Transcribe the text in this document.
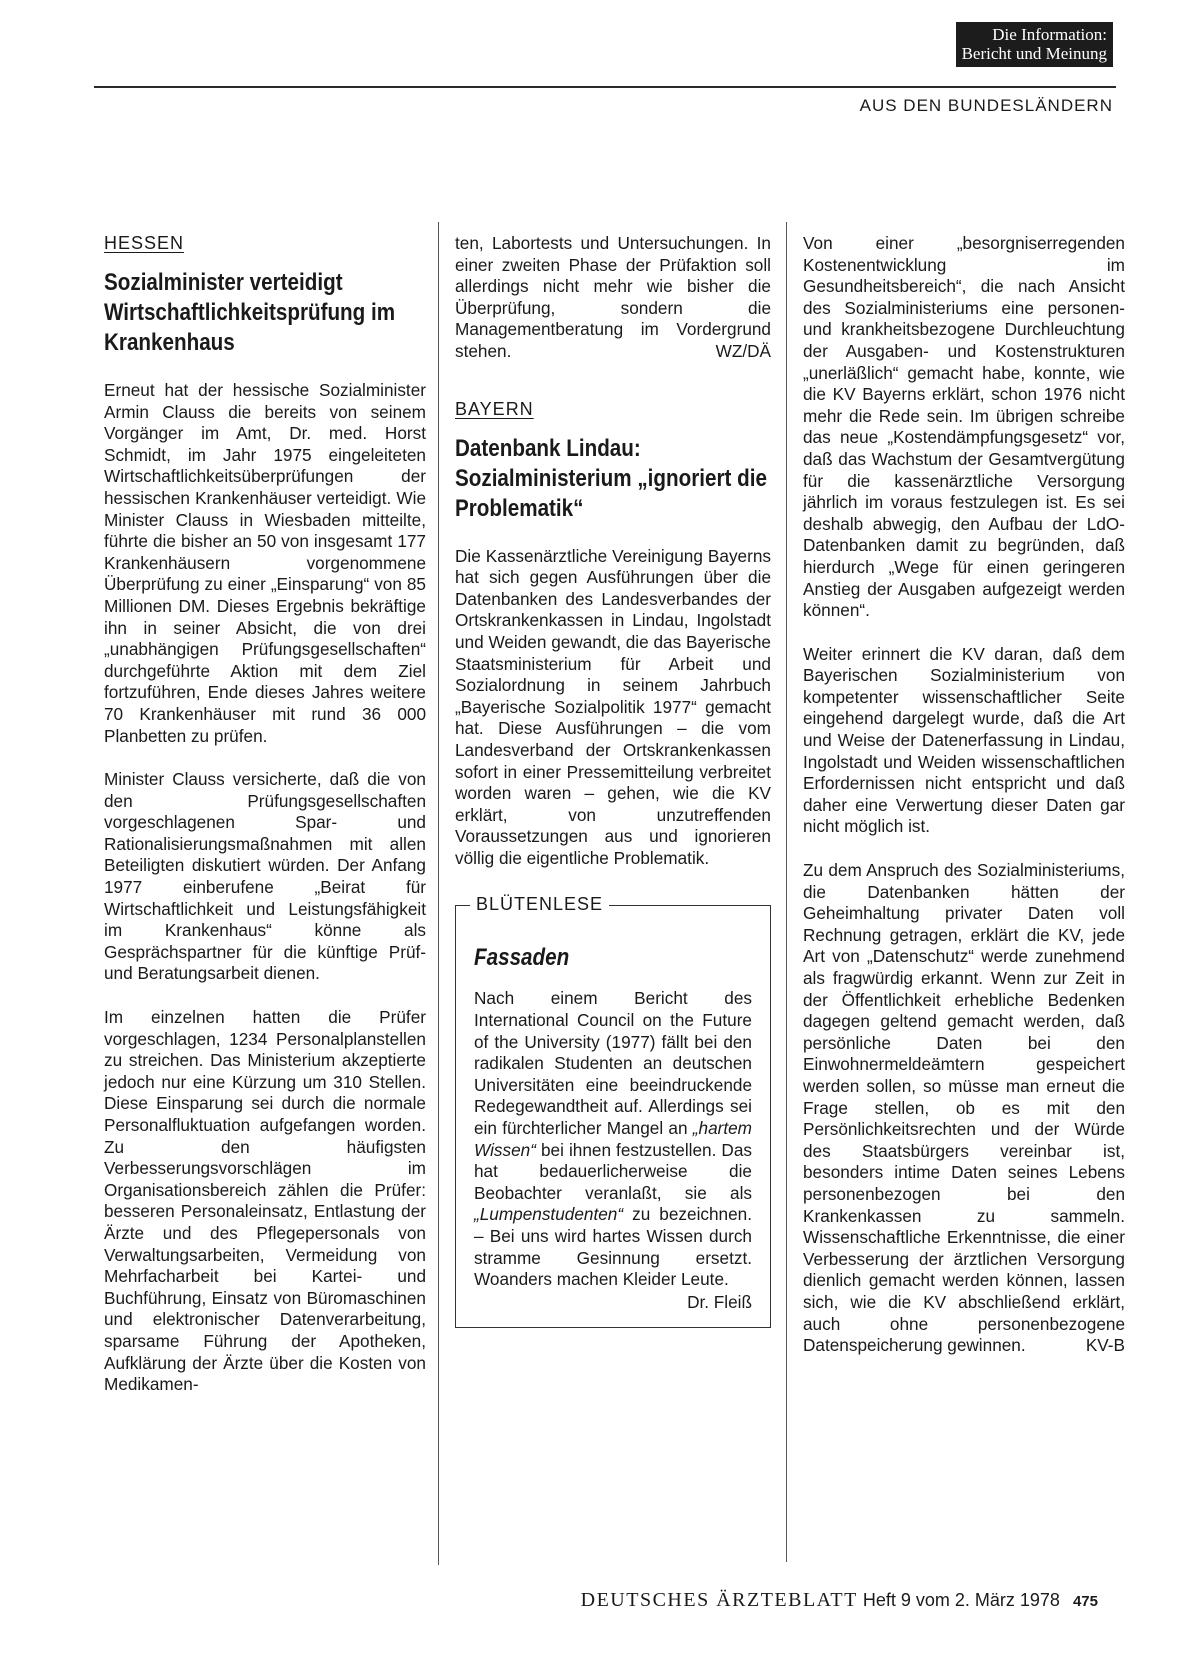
Die Information:
Bericht und Meinung
AUS DEN BUNDESLÄNDERN
HESSEN
Sozialminister verteidigt Wirtschaftlichkeitsprüfung im Krankenhaus

Erneut hat der hessische Sozialminister Armin Clauss die bereits von seinem Vorgänger im Amt, Dr. med. Horst Schmidt, im Jahr 1975 eingeleiteten Wirtschaftlichkeitsüberprüfungen der hessischen Krankenhäuser verteidigt. Wie Minister Clauss in Wiesbaden mitteilte, führte die bisher an 50 von insgesamt 177 Krankenhäusern vorgenommene Überprüfung zu einer „Einsparung“ von 85 Millionen DM. Dieses Ergebnis bekräftige ihn in seiner Absicht, die von drei „unabhängigen Prüfungsgesellschaften“ durchgeführte Aktion mit dem Ziel fortzuführen, Ende dieses Jahres weitere 70 Krankenhäuser mit rund 36 000 Planbetten zu prüfen.

Minister Clauss versicherte, daß die von den Prüfungsgesellschaften vorgeschlagenen Spar- und Rationalisierungsmaßnahmen mit allen Beteiligten diskutiert würden. Der Anfang 1977 einberufene „Beirat für Wirtschaftlichkeit und Leistungsfähigkeit im Krankenhaus“ könne als Gesprächspartner für die künftige Prüf- und Beratungsarbeit dienen.

Im einzelnen hatten die Prüfer vorgeschlagen, 1234 Personalplanstellen zu streichen. Das Ministerium akzeptierte jedoch nur eine Kürzung um 310 Stellen. Diese Einsparung sei durch die normale Personalfluktuation aufgefangen worden. Zu den häufigsten Verbesserungsvorschlägen im Organisationsbereich zählen die Prüfer: besseren Personaleinsatz, Entlastung der Ärzte und des Pflegepersonals von Verwaltungsarbeiten, Vermeidung von Mehrfacharbeit bei Kartei- und Buchführung, Einsatz von Büromaschinen und elektronischer Datenverarbeitung, sparsame Führung der Apotheken, Aufklärung der Ärzte über die Kosten von Medikamen-

ten, Labortests und Untersuchungen. In einer zweiten Phase der Prüfaktion soll allerdings nicht mehr wie bisher die Überprüfung, sondern die Managementberatung im Vordergrund stehen.	WZ/DÄ

BAYERN
Datenbank Lindau: Sozialministerium „ignoriert die Problematik“

Die Kassenärztliche Vereinigung Bayerns hat sich gegen Ausführungen über die Datenbanken des Landesverbandes der Ortskrankenkassen in Lindau, Ingolstadt und Weiden gewandt, die das Bayerische Staatsministerium für Arbeit und Sozialordnung in seinem Jahrbuch „Bayerische Sozialpolitik 1977“ gemacht hat. Diese Ausführungen – die vom Landesverband der Ortskrankenkassen sofort in einer Pressemitteilung verbreitet worden waren – gehen, wie die KV erklärt, von unzutreffenden Voraussetzungen aus und ignorieren völlig die eigentliche Problematik.

BLÜTENLESE
Fassaden

Nach einem Bericht des International Council on the Future of the University (1977) fällt bei den radikalen Studenten an deutschen Universitäten eine beeindruckende Redegewandtheit auf. Allerdings sei ein fürchterlicher Mangel an „hartem Wissen“ bei ihnen festzustellen. Das hat bedauerlicherweise die Beobachter veranlaßt, sie als „Lumpenstudenten“ zu bezeichnen. – Bei uns wird hartes Wissen durch stramme Gesinnung ersetzt. Woanders machen Kleider Leute.

Dr. Fleiß

Von einer „besorgniserregenden Kostenentwicklung im Gesundheitsbereich“, die nach Ansicht des Sozialministeriums eine personen- und krankheitsbezogene Durchleuchtung der Ausgaben- und Kostenstrukturen „unerläßlich“ gemacht habe, konnte, wie die KV Bayerns erklärt, schon 1976 nicht mehr die Rede sein. Im übrigen schreibe das neue „Kostendämpfungsgesetz“ vor, daß das Wachstum der Gesamtvergütung für die kassenärztliche Versorgung jährlich im voraus festzulegen ist. Es sei deshalb abwegig, den Aufbau der LdO-Datenbanken damit zu begründen, daß hierdurch „Wege für einen geringeren Anstieg der Ausgaben aufgezeigt werden können“.

Weiter erinnert die KV daran, daß dem Bayerischen Sozialministerium von kompetenter wissenschaftlicher Seite eingehend dargelegt wurde, daß die Art und Weise der Datenerfassung in Lindau, Ingolstadt und Weiden wissenschaftlichen Erfordernissen nicht entspricht und daß daher eine Verwertung dieser Daten gar nicht möglich ist.

Zu dem Anspruch des Sozialministeriums, die Datenbanken hätten der Geheimhaltung privater Daten voll Rechnung getragen, erklärt die KV, jede Art von „Datenschutz“ werde zunehmend als fragwürdig erkannt. Wenn zur Zeit in der Öffentlichkeit erhebliche Bedenken dagegen geltend gemacht werden, daß persönliche Daten bei den Einwohnermeldeämtern gespeichert werden sollen, so müsse man erneut die Frage stellen, ob es mit den Persönlichkeitsrechten und der Würde des Staatsbürgers vereinbar ist, besonders intime Daten seines Lebens personenbezogen bei den Krankenkassen zu sammeln. Wissenschaftliche Erkenntnisse, die einer Verbesserung der ärztlichen Versorgung dienlich gemacht werden können, lassen sich, wie die KV abschließend erklärt, auch ohne personenbezogene Datenspeicherung gewinnen.	KV-B

DEUTSCHES ÄRZTEBLATT Heft 9 vom 2. März 1978 475
